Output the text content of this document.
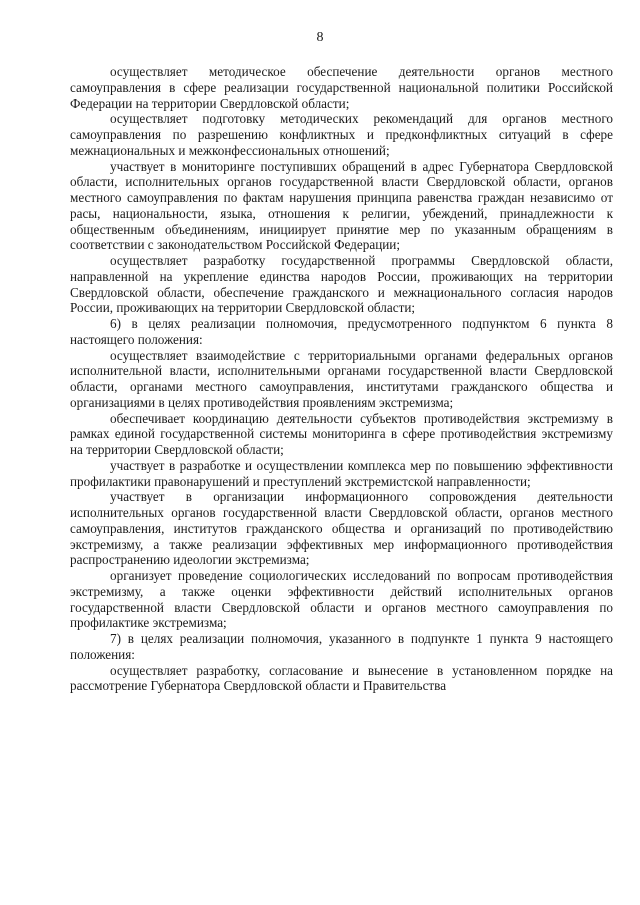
8

осуществляет методическое обеспечение деятельности органов местного самоуправления в сфере реализации государственной национальной политики Российской Федерации на территории Свердловской области;

осуществляет подготовку методических рекомендаций для органов местного самоуправления по разрешению конфликтных и предконфликтных ситуаций в сфере межнациональных и межконфессиональных отношений;

участвует в мониторинге поступивших обращений в адрес Губернатора Свердловской области, исполнительных органов государственной власти Свердловской области, органов местного самоуправления по фактам нарушения принципа равенства граждан независимо от расы, национальности, языка, отношения к религии, убеждений, принадлежности к общественным объединениям, инициирует принятие мер по указанным обращениям в соответствии с законодательством Российской Федерации;

осуществляет разработку государственной программы Свердловской области, направленной на укрепление единства народов России, проживающих на территории Свердловской области, обеспечение гражданского и межнационального согласия народов России, проживающих на территории Свердловской области;

6) в целях реализации полномочия, предусмотренного подпунктом 6 пункта 8 настоящего положения:

осуществляет взаимодействие с территориальными органами федеральных органов исполнительной власти, исполнительными органами государственной власти Свердловской области, органами местного самоуправления, институтами гражданского общества и организациями в целях противодействия проявлениям экстремизма;

обеспечивает координацию деятельности субъектов противодействия экстремизму в рамках единой государственной системы мониторинга в сфере противодействия экстремизму на территории Свердловской области;

участвует в разработке и осуществлении комплекса мер по повышению эффективности профилактики правонарушений и преступлений экстремистской направленности;

участвует в организации информационного сопровождения деятельности исполнительных органов государственной власти Свердловской области, органов местного самоуправления, институтов гражданского общества и организаций по противодействию экстремизму, а также реализации эффективных мер информационного противодействия распространению идеологии экстремизма;

организует проведение социологических исследований по вопросам противодействия экстремизму, а также оценки эффективности действий исполнительных органов государственной власти Свердловской области и органов местного самоуправления по профилактике экстремизма;

7) в целях реализации полномочия, указанного в подпункте 1 пункта 9 настоящего положения:

осуществляет разработку, согласование и вынесение в установленном порядке на рассмотрение Губернатора Свердловской области и Правительства
